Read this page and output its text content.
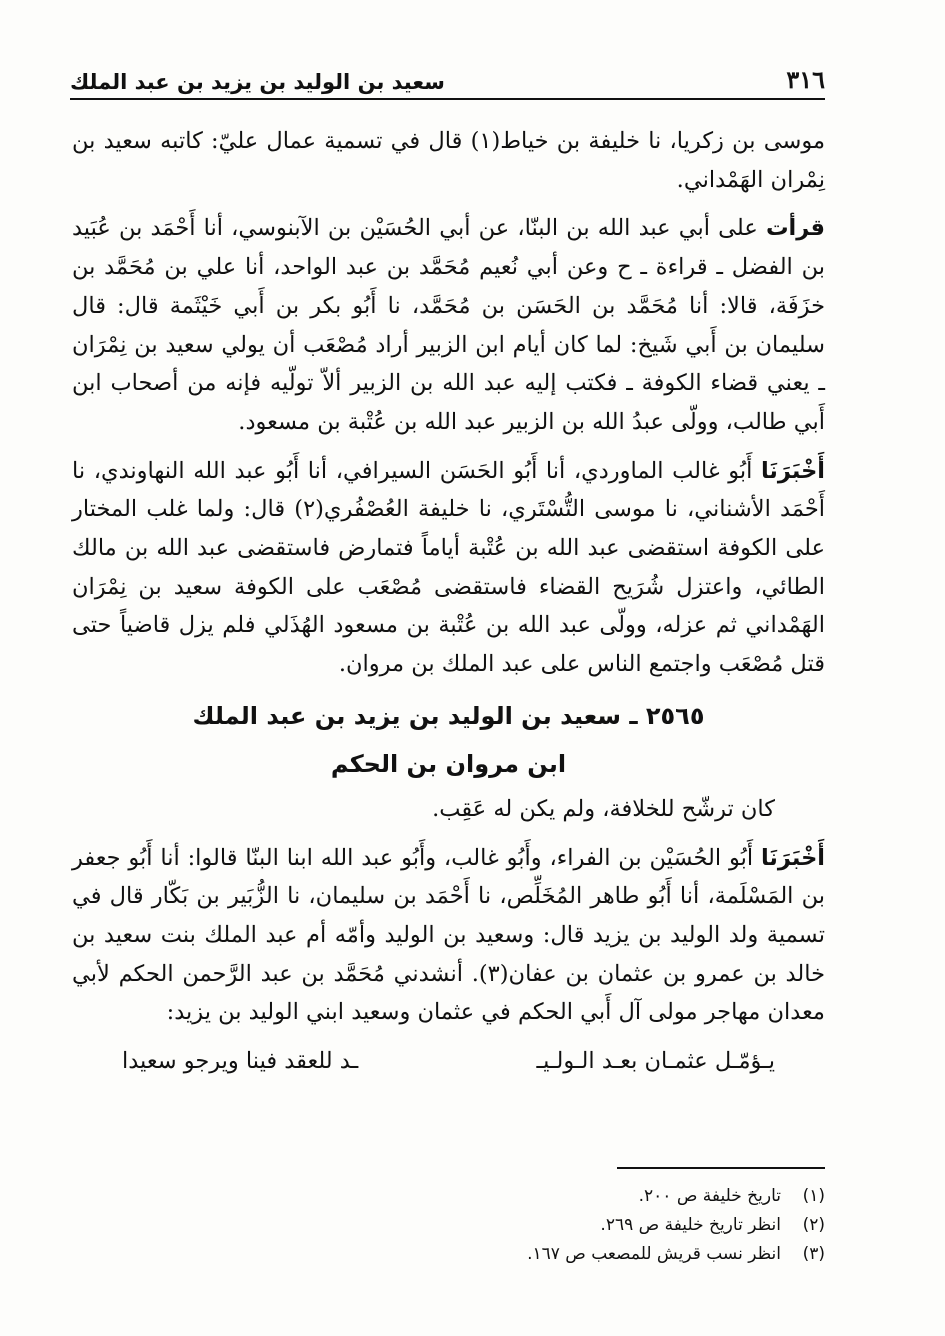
٣١٦
سعيد بن الوليد بن يزيد بن عبد الملك

موسى بن زكريا، نا خليفة بن خياط(١) قال في تسمية عمال عليّ: كاتبه سعيد بن نِمْران الهَمْداني.

قرأت على أبي عبد الله بن البنّا، عن أبي الحُسَيْن بن الآبنوسي، أنا أَحْمَد بن عُبَيد بن الفضل ـ قراءة ـ ح وعن أبي نُعيم مُحَمَّد بن عبد الواحد، أنا علي بن مُحَمَّد بن خزَفَة، قالا: أنا مُحَمَّد بن الحَسَن بن مُحَمَّد، نا أَبُو بكر بن أَبي خَيْثَمة قال: قال سليمان بن أَبي شَيخ: لما كان أيام ابن الزبير أراد مُصْعَب أن يولي سعيد بن نِمْرَان ـ يعني قضاء الكوفة ـ فكتب إليه عبد الله بن الزبير ألاّ تولّيه فإنه من أصحاب ابن أَبي طالب، وولّى عبدُ الله بن الزبير عبد الله بن عُتْبة بن مسعود.

أَخْبَرَنَا أَبُو غالب الماوردي، أنا أَبُو الحَسَن السيرافي، أنا أَبُو عبد الله النهاوندي، نا أَحْمَد الأشناني، نا موسى التُّسْتَري، نا خليفة العُصْفُري(٢) قال: ولما غلب المختار على الكوفة استقضى عبد الله بن عُتْبة أياماً فتمارض فاستقضى عبد الله بن مالك الطائي، واعتزل شُرَيح القضاء فاستقضى مُصْعَب على الكوفة سعيد بن نِمْرَان الهَمْداني ثم عزله، وولّى عبد الله بن عُتْبة بن مسعود الهُذَلي فلم يزل قاضياً حتى قتل مُصْعَب واجتمع الناس على عبد الملك بن مروان.

٢٥٦٥ ـ سعيد بن الوليد بن يزيد بن عبد الملك
ابن مروان بن الحكم

كان ترشّح للخلافة، ولم يكن له عَقِب.

أَخْبَرَنَا أَبُو الحُسَيْن بن الفراء، وأَبُو غالب، وأَبُو عبد الله ابنا البنّا قالوا: أنا أَبُو جعفر بن المَسْلَمة، أنا أَبُو طاهر المُخَلِّص، نا أَحْمَد بن سليمان، نا الزُّبَير بن بَكّار قال في تسمية ولد الوليد بن يزيد قال: وسعيد بن الوليد وأمّه أم عبد الملك بنت سعيد بن خالد بن عمرو بن عثمان بن عفان(٣). أنشدني مُحَمَّد بن عبد الرَّحمن الحكم لأبي معدان مهاجر مولى آل أَبي الحكم في عثمان وسعيد ابني الوليد بن يزيد:

يـؤمّـل عثمـان بعـد الـولـيـ
ـد للعقد فينا ويرجو سعيدا
(١)
تاريخ خليفة ص ٢٠٠.
(٢)
انظر تاريخ خليفة ص ٢٦٩.
(٣)
انظر نسب قريش للمصعب ص ١٦٧.
